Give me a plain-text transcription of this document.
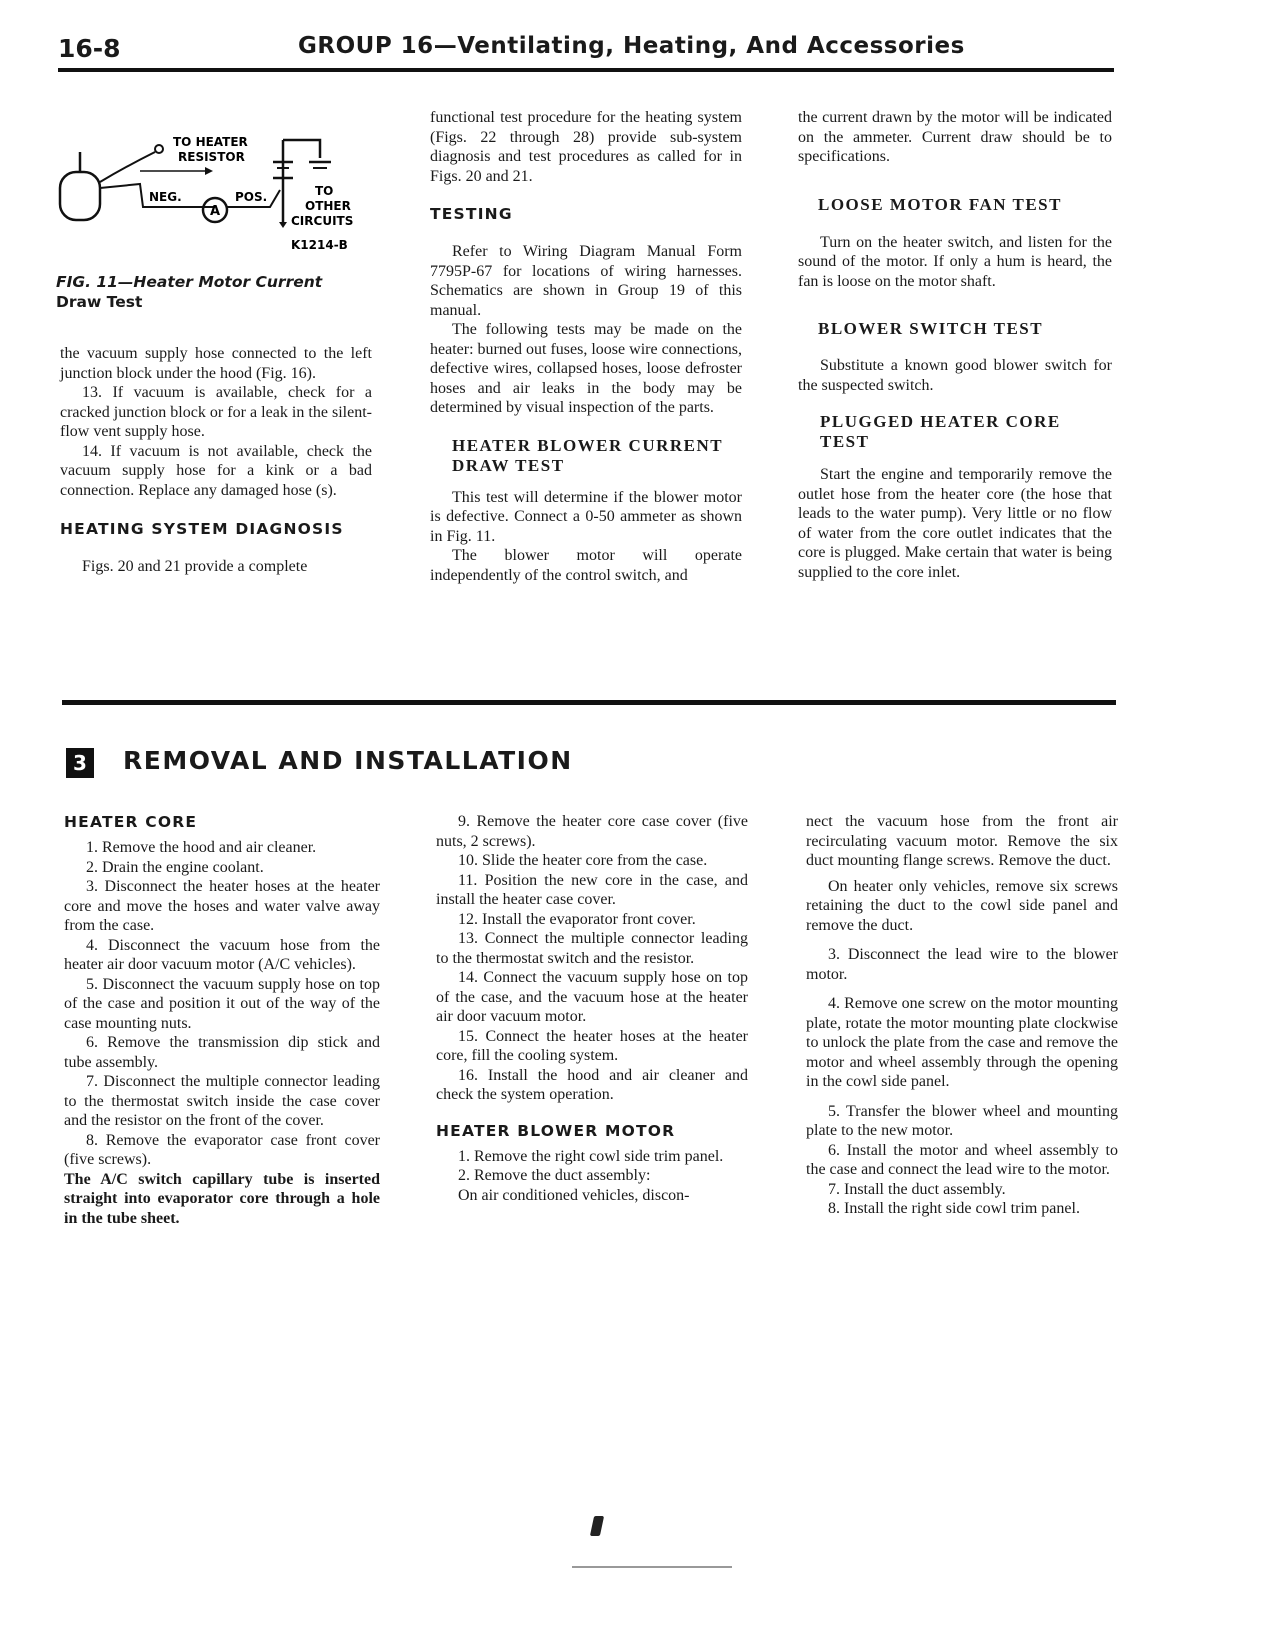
16-8	GROUP 16—Ventilating, Heating, And Accessories
TO HEATER
RESISTOR
NEG.
A
POS.	TO
OTHER
CIRCUITS
K1214-B
FIG. 11—Heater Motor Current
Draw Test

the vacuum supply hose connected to the left junction block under the hood (Fig. 16).

13. If vacuum is available, check for a cracked junction block or for a leak in the silent-flow vent supply hose.

14. If vacuum is not available, check the vacuum supply hose for a kink or a bad connection. Replace any damaged hose (s).

HEATING SYSTEM DIAGNOSIS

Figs. 20 and 21 provide a complete

functional test procedure for the heating system (Figs. 22 through 28) provide sub-system diagnosis and test procedures as called for in Figs. 20 and 21.

TESTING

Refer to Wiring Diagram Manual Form 7795P-67 for locations of wiring harnesses. Schematics are shown in Group 19 of this manual.

The following tests may be made on the heater: burned out fuses, loose wire connections, defective wires, collapsed hoses, loose defroster hoses and air leaks in the body may be determined by visual inspection of the parts.

HEATER BLOWER CURRENT DRAW TEST

This test will determine if the blower motor is defective. Connect a 0-50 ammeter as shown in Fig. 11.

The blower motor will operate independently of the control switch, and

the current drawn by the motor will be indicated on the ammeter. Current draw should be to specifications.

LOOSE MOTOR FAN TEST

Turn on the heater switch, and listen for the sound of the motor. If only a hum is heard, the fan is loose on the motor shaft.

BLOWER SWITCH TEST

Substitute a known good blower switch for the suspected switch.

PLUGGED HEATER CORE TEST

Start the engine and temporarily remove the outlet hose from the heater core (the hose that leads to the water pump). Very little or no flow of water from the core outlet indicates that the core is plugged. Make certain that water is being supplied to the core inlet.

3 REMOVAL AND INSTALLATION

HEATER CORE

1. Remove the hood and air cleaner.

2. Drain the engine coolant.

3. Disconnect the heater hoses at the heater core and move the hoses and water valve away from the case.

4. Disconnect the vacuum hose from the heater air door vacuum motor (A/C vehicles).

5. Disconnect the vacuum supply hose on top of the case and position it out of the way of the case mounting nuts.

6. Remove the transmission dip stick and tube assembly.

7. Disconnect the multiple connector leading to the thermostat switch inside the case cover and the resistor on the front of the cover.

8. Remove the evaporator case front cover (five screws).

The A/C switch capillary tube is inserted straight into evaporator core through a hole in the tube sheet.

9. Remove the heater core case cover (five nuts, 2 screws).

10. Slide the heater core from the case.

11. Position the new core in the case, and install the heater case cover.

12. Install the evaporator front cover.

13. Connect the multiple connector leading to the thermostat switch and the resistor.

14. Connect the vacuum supply hose on top of the case, and the vacuum hose at the heater air door vacuum motor.

15. Connect the heater hoses at the heater core, fill the cooling system.

16. Install the hood and air cleaner and check the system operation.

HEATER BLOWER MOTOR

1. Remove the right cowl side trim panel.

2. Remove the duct assembly:

On air conditioned vehicles, discon-

nect the vacuum hose from the front air recirculating vacuum motor. Remove the six duct mounting flange screws. Remove the duct.

On heater only vehicles, remove six screws retaining the duct to the cowl side panel and remove the duct.

3. Disconnect the lead wire to the blower motor.

4. Remove one screw on the motor mounting plate, rotate the motor mounting plate clockwise to unlock the plate from the case and remove the motor and wheel assembly through the opening in the cowl side panel.

5. Transfer the blower wheel and mounting plate to the new motor.

6. Install the motor and wheel assembly to the case and connect the lead wire to the motor.

7. Install the duct assembly.

8. Install the right side cowl trim panel.
